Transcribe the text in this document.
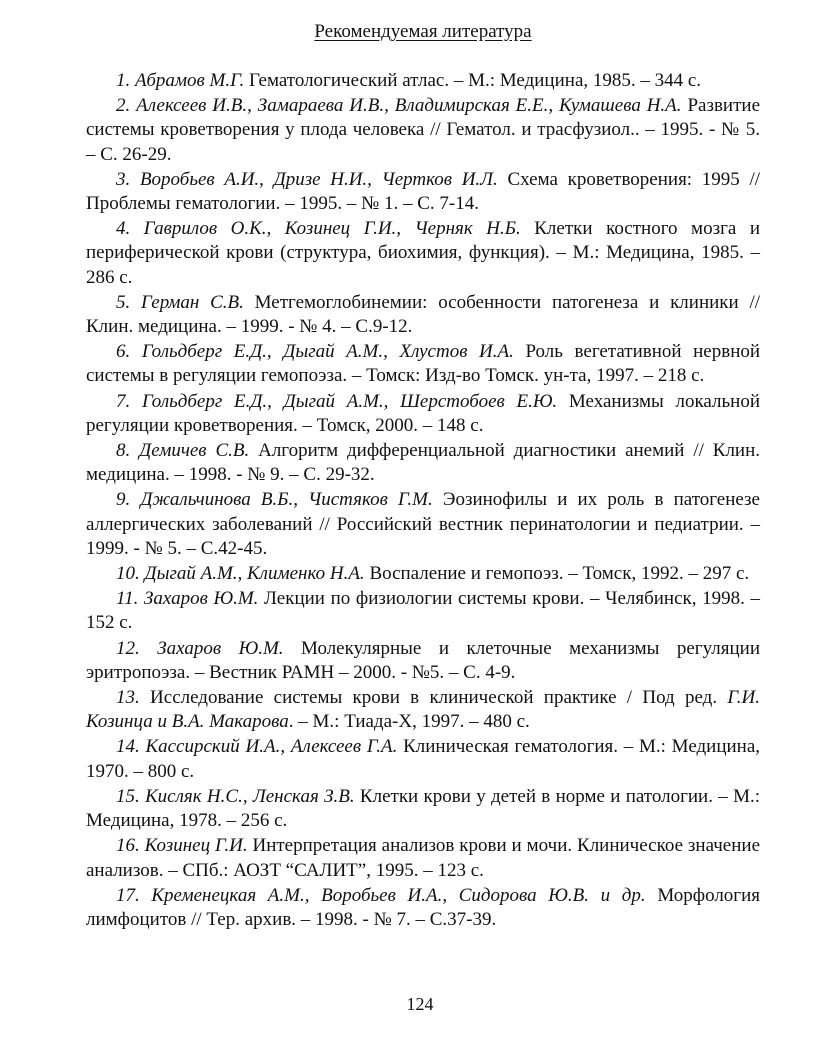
Рекомендуемая литература
1. Абрамов М.Г. Гематологический атлас. – М.: Медицина, 1985. – 344 с.
2. Алексеев И.В., Замараева И.В., Владимирская Е.Е., Кумашева Н.А. Развитие системы кроветворения у плода человека // Гематол. и трасфузиол.. – 1995. - № 5. – С. 26-29.
3. Воробьев А.И., Дризе Н.И., Чертков И.Л. Схема кроветворения: 1995 // Проблемы гематологии. – 1995. – № 1. – С. 7-14.
4. Гаврилов О.К., Козинец Г.И., Черняк Н.Б. Клетки костного мозга и периферической крови (структура, биохимия, функция). – М.: Медицина, 1985. – 286 с.
5. Герман С.В. Метгемоглобинемии: особенности патогенеза и клиники // Клин. медицина. – 1999. - № 4. – С.9-12.
6. Гольдберг Е.Д., Дыгай А.М., Хлустов И.А. Роль вегетативной нервной системы в регуляции гемопоэза. – Томск: Изд-во Томск. ун-та, 1997. – 218 с.
7. Гольдберг Е.Д., Дыгай А.М., Шерстобоев Е.Ю. Механизмы локальной регуляции кроветворения. – Томск, 2000. – 148 с.
8. Демичев С.В. Алгоритм дифференциальной диагностики анемий // Клин. медицина. – 1998. - № 9. – С. 29-32.
9. Джальчинова В.Б., Чистяков Г.М. Эозинофилы и их роль в патогенезе аллергических заболеваний // Российский вестник перинатологии и педиатрии. – 1999. - № 5. – С.42-45.
10. Дыгай А.М., Клименко Н.А. Воспаление и гемопоэз. – Томск, 1992. – 297 с.
11. Захаров Ю.М. Лекции по физиологии системы крови. – Челябинск, 1998. – 152 с.
12. Захаров Ю.М. Молекулярные и клеточные механизмы регуляции эритропоэза. – Вестник РАМН – 2000. - №5. – С. 4-9.
13. Исследование системы крови в клинической практике / Под ред. Г.И. Козинца и В.А. Макарова. – М.: Тиада-Х, 1997. – 480 с.
14. Кассирский И.А., Алексеев Г.А. Клиническая гематология. – М.: Медицина, 1970. – 800 с.
15. Кисляк Н.С., Ленская З.В. Клетки крови у детей в норме и патологии. – М.: Медицина, 1978. – 256 с.
16. Козинец Г.И. Интерпретация анализов крови и мочи. Клиническое значение анализов. – СПб.: АОЗТ “САЛИТ”, 1995. – 123 с.
17. Кременецкая А.М., Воробьев И.А., Сидорова Ю.В. и др. Морфология лимфоцитов // Тер. архив. – 1998. - № 7. – С.37-39.
124
